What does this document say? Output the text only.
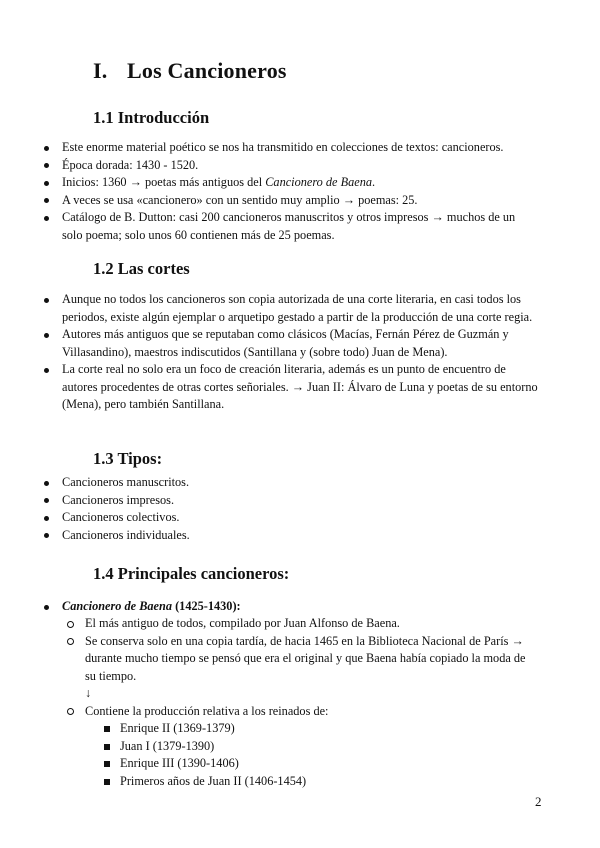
I. Los Cancioneros
1.1 Introducción
Este enorme material poético se nos ha transmitido en colecciones de textos: cancioneros.
Época dorada: 1430 - 1520.
Inicios: 1360 → poetas más antiguos del Cancionero de Baena.
A veces se usa «cancionero» con un sentido muy amplio → poemas: 25.
Catálogo de B. Dutton: casi 200 cancioneros manuscritos y otros impresos → muchos de un solo poema; solo unos 60 contienen más de 25 poemas.
1.2 Las cortes
Aunque no todos los cancioneros son copia autorizada de una corte literaria, en casi todos los periodos, existe algún ejemplar o arquetipo gestado a partir de la producción de una corte regia.
Autores más antiguos que se reputaban como clásicos (Macías, Fernán Pérez de Guzmán y Villasandino), maestros indiscutidos (Santillana y (sobre todo) Juan de Mena).
La corte real no solo era un foco de creación literaria, además es un punto de encuentro de autores procedentes de otras cortes señoriales. → Juan II: Álvaro de Luna y poetas de su entorno (Mena), pero también Santillana.
1.3 Tipos:
Cancioneros manuscritos.
Cancioneros impresos.
Cancioneros colectivos.
Cancioneros individuales.
1.4 Principales cancioneros:
Cancionero de Baena (1425-1430):
El más antiguo de todos, compilado por Juan Alfonso de Baena.
Se conserva solo en una copia tardía, de hacia 1465 en la Biblioteca Nacional de París → durante mucho tiempo se pensó que era el original y que Baena había copiado la moda de su tiempo.
↓
Contiene la producción relativa a los reinados de:
Enrique II (1369-1379)
Juan I (1379-1390)
Enrique III (1390-1406)
Primeros años de Juan II (1406-1454)
2
